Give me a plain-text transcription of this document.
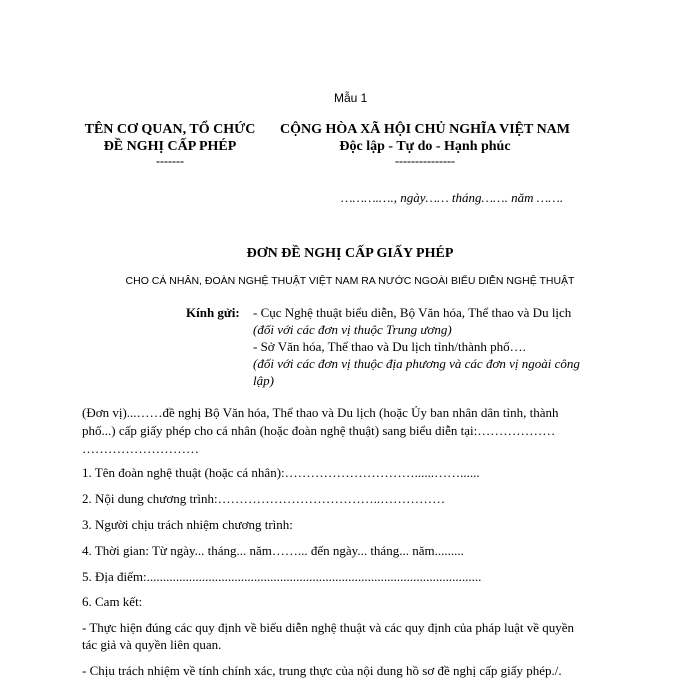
Mẫu 1
TÊN CƠ QUAN, TỔ CHỨC
ĐỀ NGHỊ CẤP PHÉP
-------
CỘNG HÒA XÃ HỘI CHỦ NGHĨA VIỆT NAM
Độc lập - Tự do - Hạnh phúc
---------------
……….…., ngày…… tháng……. năm …….
ĐƠN ĐỀ NGHỊ CẤP GIẤY PHÉP
CHO CÁ NHÂN, ĐOÀN NGHỆ THUẬT VIỆT NAM RA NƯỚC NGOÀI BIỂU DIỄN NGHỆ THUẬT
Kính gửi: - Cục Nghệ thuật biểu diễn, Bộ Văn hóa, Thể thao và Du lịch
(đối với các đơn vị thuộc Trung ương)
- Sở Văn hóa, Thể thao và Du lịch tỉnh/thành phố….
(đối với các đơn vị thuộc địa phương và các đơn vị ngoài công
lập)
(Đơn vị)...……đề nghị Bộ Văn hóa, Thể thao và Du lịch (hoặc Ủy ban nhân dân tỉnh, thành
phố...) cấp giấy phép cho cá nhân (hoặc đoàn nghệ thuật) sang biểu diễn tại:………………
………………………
1. Tên đoàn nghệ thuật (hoặc cá nhân):…………………………......……......
2. Nội dung chương trình:………………………………..……………
3. Người chịu trách nhiệm chương trình:
4. Thời gian: Từ ngày... tháng... năm……... đến ngày... tháng... năm.........
5. Địa điểm:.......................................................................................................
6. Cam kết:
- Thực hiện đúng các quy định về biểu diễn nghệ thuật và các quy định của pháp luật về quyền
tác giả và quyền liên quan.
- Chịu trách nhiệm về tính chính xác, trung thực của nội dung hồ sơ đề nghị cấp giấy phép./.
